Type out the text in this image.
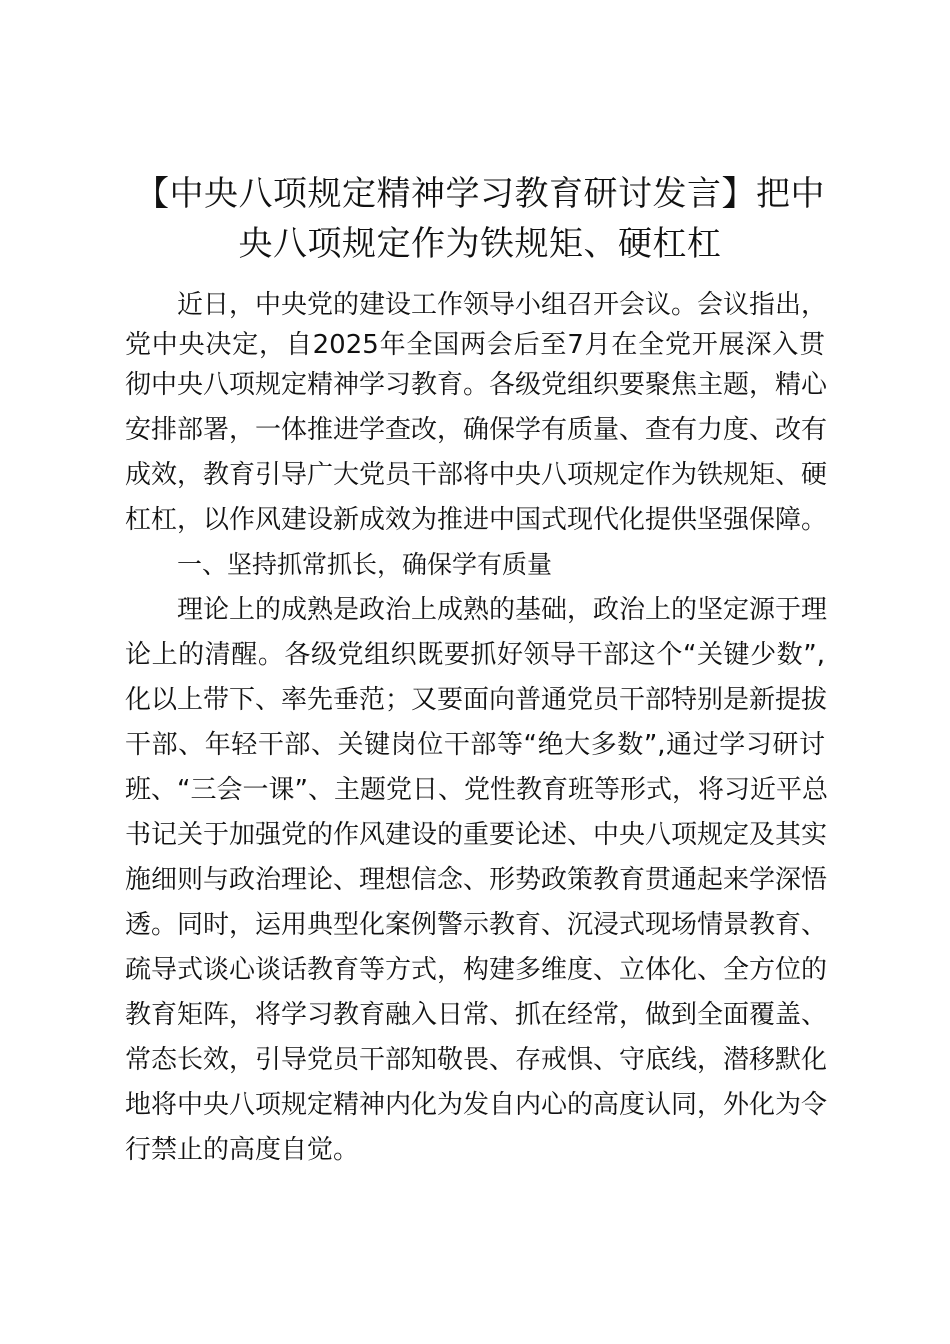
【中央八项规定精神学习教育研讨发言】把中
央八项规定作为铁规矩、硬杠杠
近日，中央党的建设工作领导小组召开会议。会议指出，
党中央决定，自2025年全国两会后至7月在全党开展深入贯
彻中央八项规定精神学习教育。各级党组织要聚焦主题，精心
安排部署，一体推进学查改，确保学有质量、查有力度、改有
成效，教育引导广大党员干部将中央八项规定作为铁规矩、硬
杠杠，以作风建设新成效为推进中国式现代化提供坚强保障。
一、坚持抓常抓长，确保学有质量
理论上的成熟是政治上成熟的基础，政治上的坚定源于理
论上的清醒。各级党组织既要抓好领导干部这个“关键少数”,
化以上带下、率先垂范；又要面向普通党员干部特别是新提拔
干部、年轻干部、关键岗位干部等“绝大多数”,通过学习研讨
班、“三会一课”、主题党日、党性教育班等形式，将习近平总
书记关于加强党的作风建设的重要论述、中央八项规定及其实
施细则与政治理论、理想信念、形势政策教育贯通起来学深悟
透。同时，运用典型化案例警示教育、沉浸式现场情景教育、
疏导式谈心谈话教育等方式，构建多维度、立体化、全方位的
教育矩阵，将学习教育融入日常、抓在经常，做到全面覆盖、
常态长效，引导党员干部知敬畏、存戒惧、守底线，潜移默化
地将中央八项规定精神内化为发自内心的高度认同，外化为令
行禁止的高度自觉。
